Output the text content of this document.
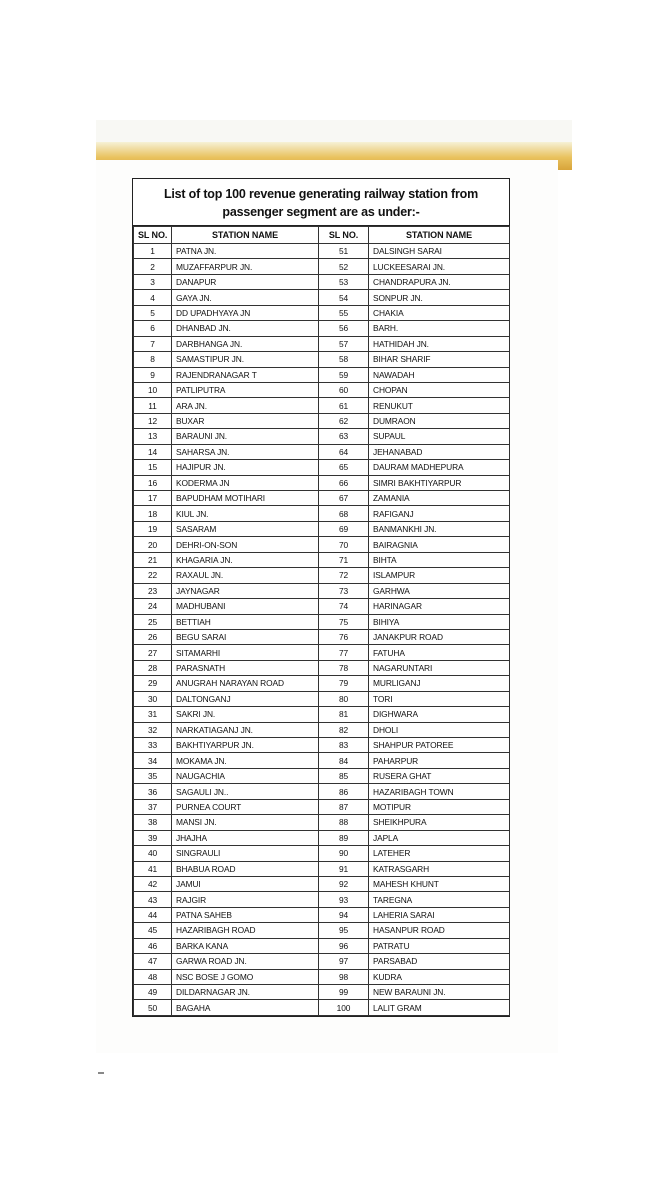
List of top 100 revenue generating railway station from passenger segment are as under:-
SL NO.	STATION NAME	SL NO.	STATION NAME
1	PATNA JN.	51	DALSINGH SARAI
2	MUZAFFARPUR JN.	52	LUCKEESARAI JN.
3	DANAPUR	53	CHANDRAPURA JN.
4	GAYA JN.	54	SONPUR JN.
5	DD UPADHYAYA JN	55	CHAKIA
6	DHANBAD JN.	56	BARH.
7	DARBHANGA JN.	57	HATHIDAH JN.
8	SAMASTIPUR JN.	58	BIHAR SHARIF
9	RAJENDRANAGAR T	59	NAWADAH
10	PATLIPUTRA	60	CHOPAN
11	ARA JN.	61	RENUKUT
12	BUXAR	62	DUMRAON
13	BARAUNI JN.	63	SUPAUL
14	SAHARSA JN.	64	JEHANABAD
15	HAJIPUR JN.	65	DAURAM MADHEPURA
16	KODERMA JN	66	SIMRI BAKHTIYARPUR
17	BAPUDHAM MOTIHARI	67	ZAMANIA
18	KIUL JN.	68	RAFIGANJ
19	SASARAM	69	BANMANKHI JN.
20	DEHRI-ON-SON	70	BAIRAGNIA
21	KHAGARIA JN.	71	BIHTA
22	RAXAUL JN.	72	ISLAMPUR
23	JAYNAGAR	73	GARHWA
24	MADHUBANI	74	HARINAGAR
25	BETTIAH	75	BIHIYA
26	BEGU SARAI	76	JANAKPUR ROAD
27	SITAMARHI	77	FATUHA
28	PARASNATH	78	NAGARUNTARI
29	ANUGRAH NARAYAN ROAD	79	MURLIGANJ
30	DALTONGANJ	80	TORI
31	SAKRI JN.	81	DIGHWARA
32	NARKATIAGANJ JN.	82	DHOLI
33	BAKHTIYARPUR JN.	83	SHAHPUR PATOREE
34	MOKAMA JN.	84	PAHARPUR
35	NAUGACHIA	85	RUSERA GHAT
36	SAGAULI JN..	86	HAZARIBAGH TOWN
37	PURNEA COURT	87	MOTIPUR
38	MANSI JN.	88	SHEIKHPURA
39	JHAJHA	89	JAPLA
40	SINGRAULI	90	LATEHER
41	BHABUA ROAD	91	KATRASGARH
42	JAMUI	92	MAHESH KHUNT
43	RAJGIR	93	TAREGNA
44	PATNA SAHEB	94	LAHERIA SARAI
45	HAZARIBAGH ROAD	95	HASANPUR ROAD
46	BARKA KANA	96	PATRATU
47	GARWA ROAD JN.	97	PARSABAD
48	NSC BOSE J GOMO	98	KUDRA
49	DILDARNAGAR JN.	99	NEW BARAUNI JN.
50	BAGAHA	100	LALIT GRAM
